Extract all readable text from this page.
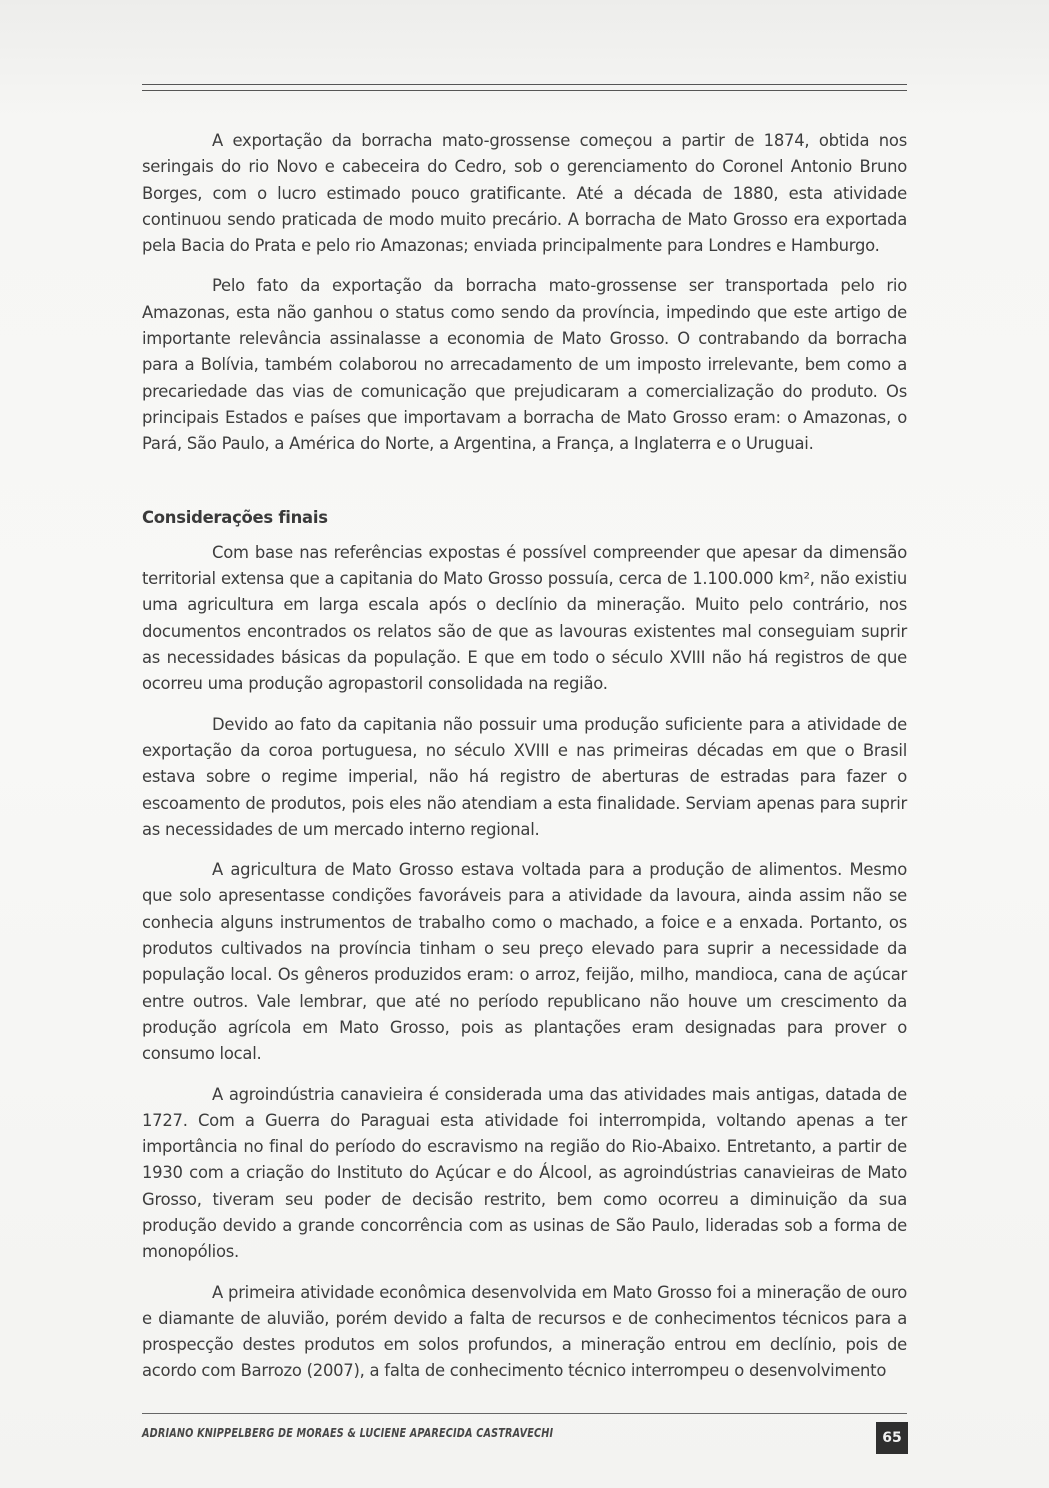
A exportação da borracha mato-grossense começou a partir de 1874, obtida nos seringais do rio Novo e cabeceira do Cedro, sob o gerenciamento do Coronel Antonio Bruno Borges, com o lucro estimado pouco gratificante. Até a década de 1880, esta atividade continuou sendo praticada de modo muito precário. A borracha de Mato Grosso era exportada pela Bacia do Prata e pelo rio Amazonas; enviada principalmente para Londres e Hamburgo.

Pelo fato da exportação da borracha mato-grossense ser transportada pelo rio Amazonas, esta não ganhou o status como sendo da província, impedindo que este artigo de importante relevância assinalasse a economia de Mato Grosso. O contrabando da borracha para a Bolívia, também colaborou no arrecadamento de um imposto irrelevante, bem como a precariedade das vias de comunicação que prejudicaram a comercialização do produto. Os principais Estados e países que importavam a borracha de Mato Grosso eram: o Amazonas, o Pará, São Paulo, a América do Norte, a Argentina, a França, a Inglaterra e o Uruguai.

Considerações finais

Com base nas referências expostas é possível compreender que apesar da dimensão territorial extensa que a capitania do Mato Grosso possuía, cerca de 1.100.000 km², não existiu uma agricultura em larga escala após o declínio da mineração. Muito pelo contrário, nos documentos encontrados os relatos são de que as lavouras existentes mal conseguiam suprir as necessidades básicas da população. E que em todo o século XVIII não há registros de que ocorreu uma produção agropastoril consolidada na região.

Devido ao fato da capitania não possuir uma produção suficiente para a atividade de exportação da coroa portuguesa, no século XVIII e nas primeiras décadas em que o Brasil estava sobre o regime imperial, não há registro de aberturas de estradas para fazer o escoamento de produtos, pois eles não atendiam a esta finalidade. Serviam apenas para suprir as necessidades de um mercado interno regional.

A agricultura de Mato Grosso estava voltada para a produção de alimentos. Mesmo que solo apresentasse condições favoráveis para a atividade da lavoura, ainda assim não se conhecia alguns instrumentos de trabalho como o machado, a foice e a enxada. Portanto, os produtos cultivados na província tinham o seu preço elevado para suprir a necessidade da população local. Os gêneros produzidos eram: o arroz, feijão, milho, mandioca, cana de açúcar entre outros. Vale lembrar, que até no período republicano não houve um crescimento da produção agrícola em Mato Grosso, pois as plantações eram designadas para prover o consumo local.

A agroindústria canavieira é considerada uma das atividades mais antigas, datada de 1727. Com a Guerra do Paraguai esta atividade foi interrompida, voltando apenas a ter importância no final do período do escravismo na região do Rio-Abaixo. Entretanto, a partir de 1930 com a criação do Instituto do Açúcar e do Álcool, as agroindústrias canavieiras de Mato Grosso, tiveram seu poder de decisão restrito, bem como ocorreu a diminuição da sua produção devido a grande concorrência com as usinas de São Paulo, lideradas sob a forma de monopólios.

A primeira atividade econômica desenvolvida em Mato Grosso foi a mineração de ouro e diamante de aluvião, porém devido a falta de recursos e de conhecimentos técnicos para a prospecção destes produtos em solos profundos, a mineração entrou em declínio, pois de acordo com Barrozo (2007), a falta de conhecimento técnico interrompeu o desenvolvimento

ADRIANO KNIPPELBERG DE MORAES & LUCIENE APARECIDA CASTRAVECHI	65
